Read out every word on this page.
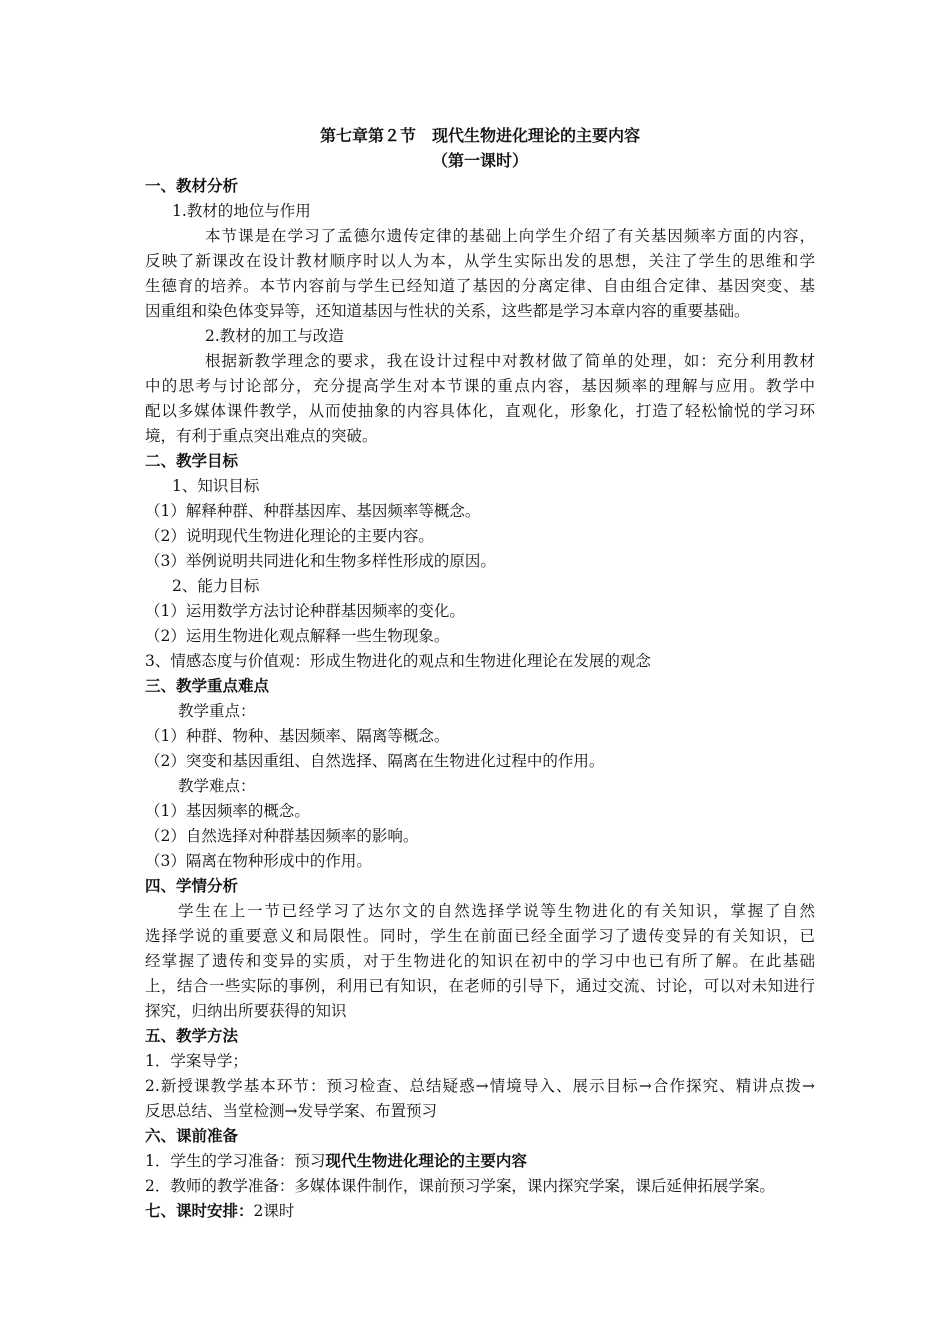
第七章第２节　现代生物进化理论的主要内容
（第一课时）
一、教材分析
1.教材的地位与作用
本节课是在学习了孟德尔遗传定律的基础上向学生介绍了有关基因频率方面的内容，
反映了新课改在设计教材顺序时以人为本，从学生实际出发的思想，关注了学生的思维和学
生德育的培养。本节内容前与学生已经知道了基因的分离定律、自由组合定律、基因突变、基
因重组和染色体变异等，还知道基因与性状的关系，这些都是学习本章内容的重要基础。
2.教材的加工与改造
根据新教学理念的要求，我在设计过程中对教材做了简单的处理，如：充分利用教材
中的思考与讨论部分，充分提高学生对本节课的重点内容，基因频率的理解与应用。教学中
配以多媒体课件教学，从而使抽象的内容具体化，直观化，形象化，打造了轻松愉悦的学习环
境，有利于重点突出难点的突破。
二、教学目标
1、知识目标
（1）解释种群、种群基因库、基因频率等概念。
（2）说明现代生物进化理论的主要内容。
（3）举例说明共同进化和生物多样性形成的原因。
2、能力目标
（1）运用数学方法讨论种群基因频率的变化。
（2）运用生物进化观点解释一些生物现象。
3、情感态度与价值观：形成生物进化的观点和生物进化理论在发展的观念
三、教学重点难点
教学重点：
（1）种群、物种、基因频率、隔离等概念。
（2）突变和基因重组、自然选择、隔离在生物进化过程中的作用。
教学难点：
（1）基因频率的概念。
（2）自然选择对种群基因频率的影响。
（3）隔离在物种形成中的作用。
四、学情分析
学生在上一节已经学习了达尔文的自然选择学说等生物进化的有关知识，掌握了自然
选择学说的重要意义和局限性。同时，学生在前面已经全面学习了遗传变异的有关知识，已
经掌握了遗传和变异的实质，对于生物进化的知识在初中的学习中也已有所了解。在此基础
上，结合一些实际的事例，利用已有知识，在老师的引导下，通过交流、讨论，可以对未知进行
探究，归纳出所要获得的知识
五、教学方法
1．学案导学；
2.新授课教学基本环节：预习检查、总结疑惑→情境导入、展示目标→合作探究、精讲点拨→
反思总结、当堂检测→发导学案、布置预习
六、课前准备
1．学生的学习准备：预习现代生物进化理论的主要内容
2．教师的教学准备：多媒体课件制作，课前预习学案，课内探究学案，课后延伸拓展学案。
七、课时安排：2课时
